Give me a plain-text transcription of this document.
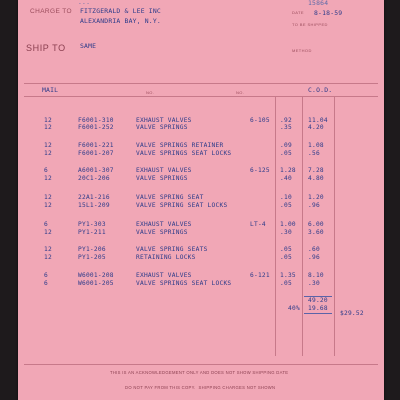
...	15864
CHARGE TO FITZGERALD & LEE INC
ALEXANDRIA BAY, N.Y.
DATE 8-18-59
TO BE SHIPPED
SHIP TO SAME
METHOD
MAIL	NO.	NO.	C.O.D.
12	F6001-310	EXHAUST VALVES	6-105 .92	11.04
12	F6001-252	VALVE SPRINGS	.35	4.20
12	F6001-221	VALVE SPRINGS RETAINER	.09	1.08
12	F6001-207	VALVE SPRINGS SEAT LOCKS	.05	.56
6	A6001-307	EXHAUST VALVES	6-125 1.28 7.28
12	20C1-206	VALVE SPRINGS	.40	4.80
12	22A1-216	VALVE SPRING SEAT	.10	1.20
12	15L1-209	VALVE SPRING SEAT LOCKS	.05	.96
6	PY1-303	EXHAUST VALVES	LT-4 1.00 6.00
12	PY1-211	VALVE SPRINGS	.30	3.60
12	PY1-206	VALVE SPRING SEATS	.05	.60
12	PY1-205	RETAINING LOCKS	.05	.96
6	W6001-208	EXHAUST VALVES	6-121 1.35 8.10
6	W6001-205	VALVE SPRINGS SEAT LOCKS	.05	.30
49.20
40% 19.68
$29.52
THIS IS AN ACKNOWLEDGEMENT ONLY AND DOES NOT SHOW SHIPPING DATE
DO NOT PAY FROM THIS COPY.  SHIPPING CHARGES NOT SHOWN
